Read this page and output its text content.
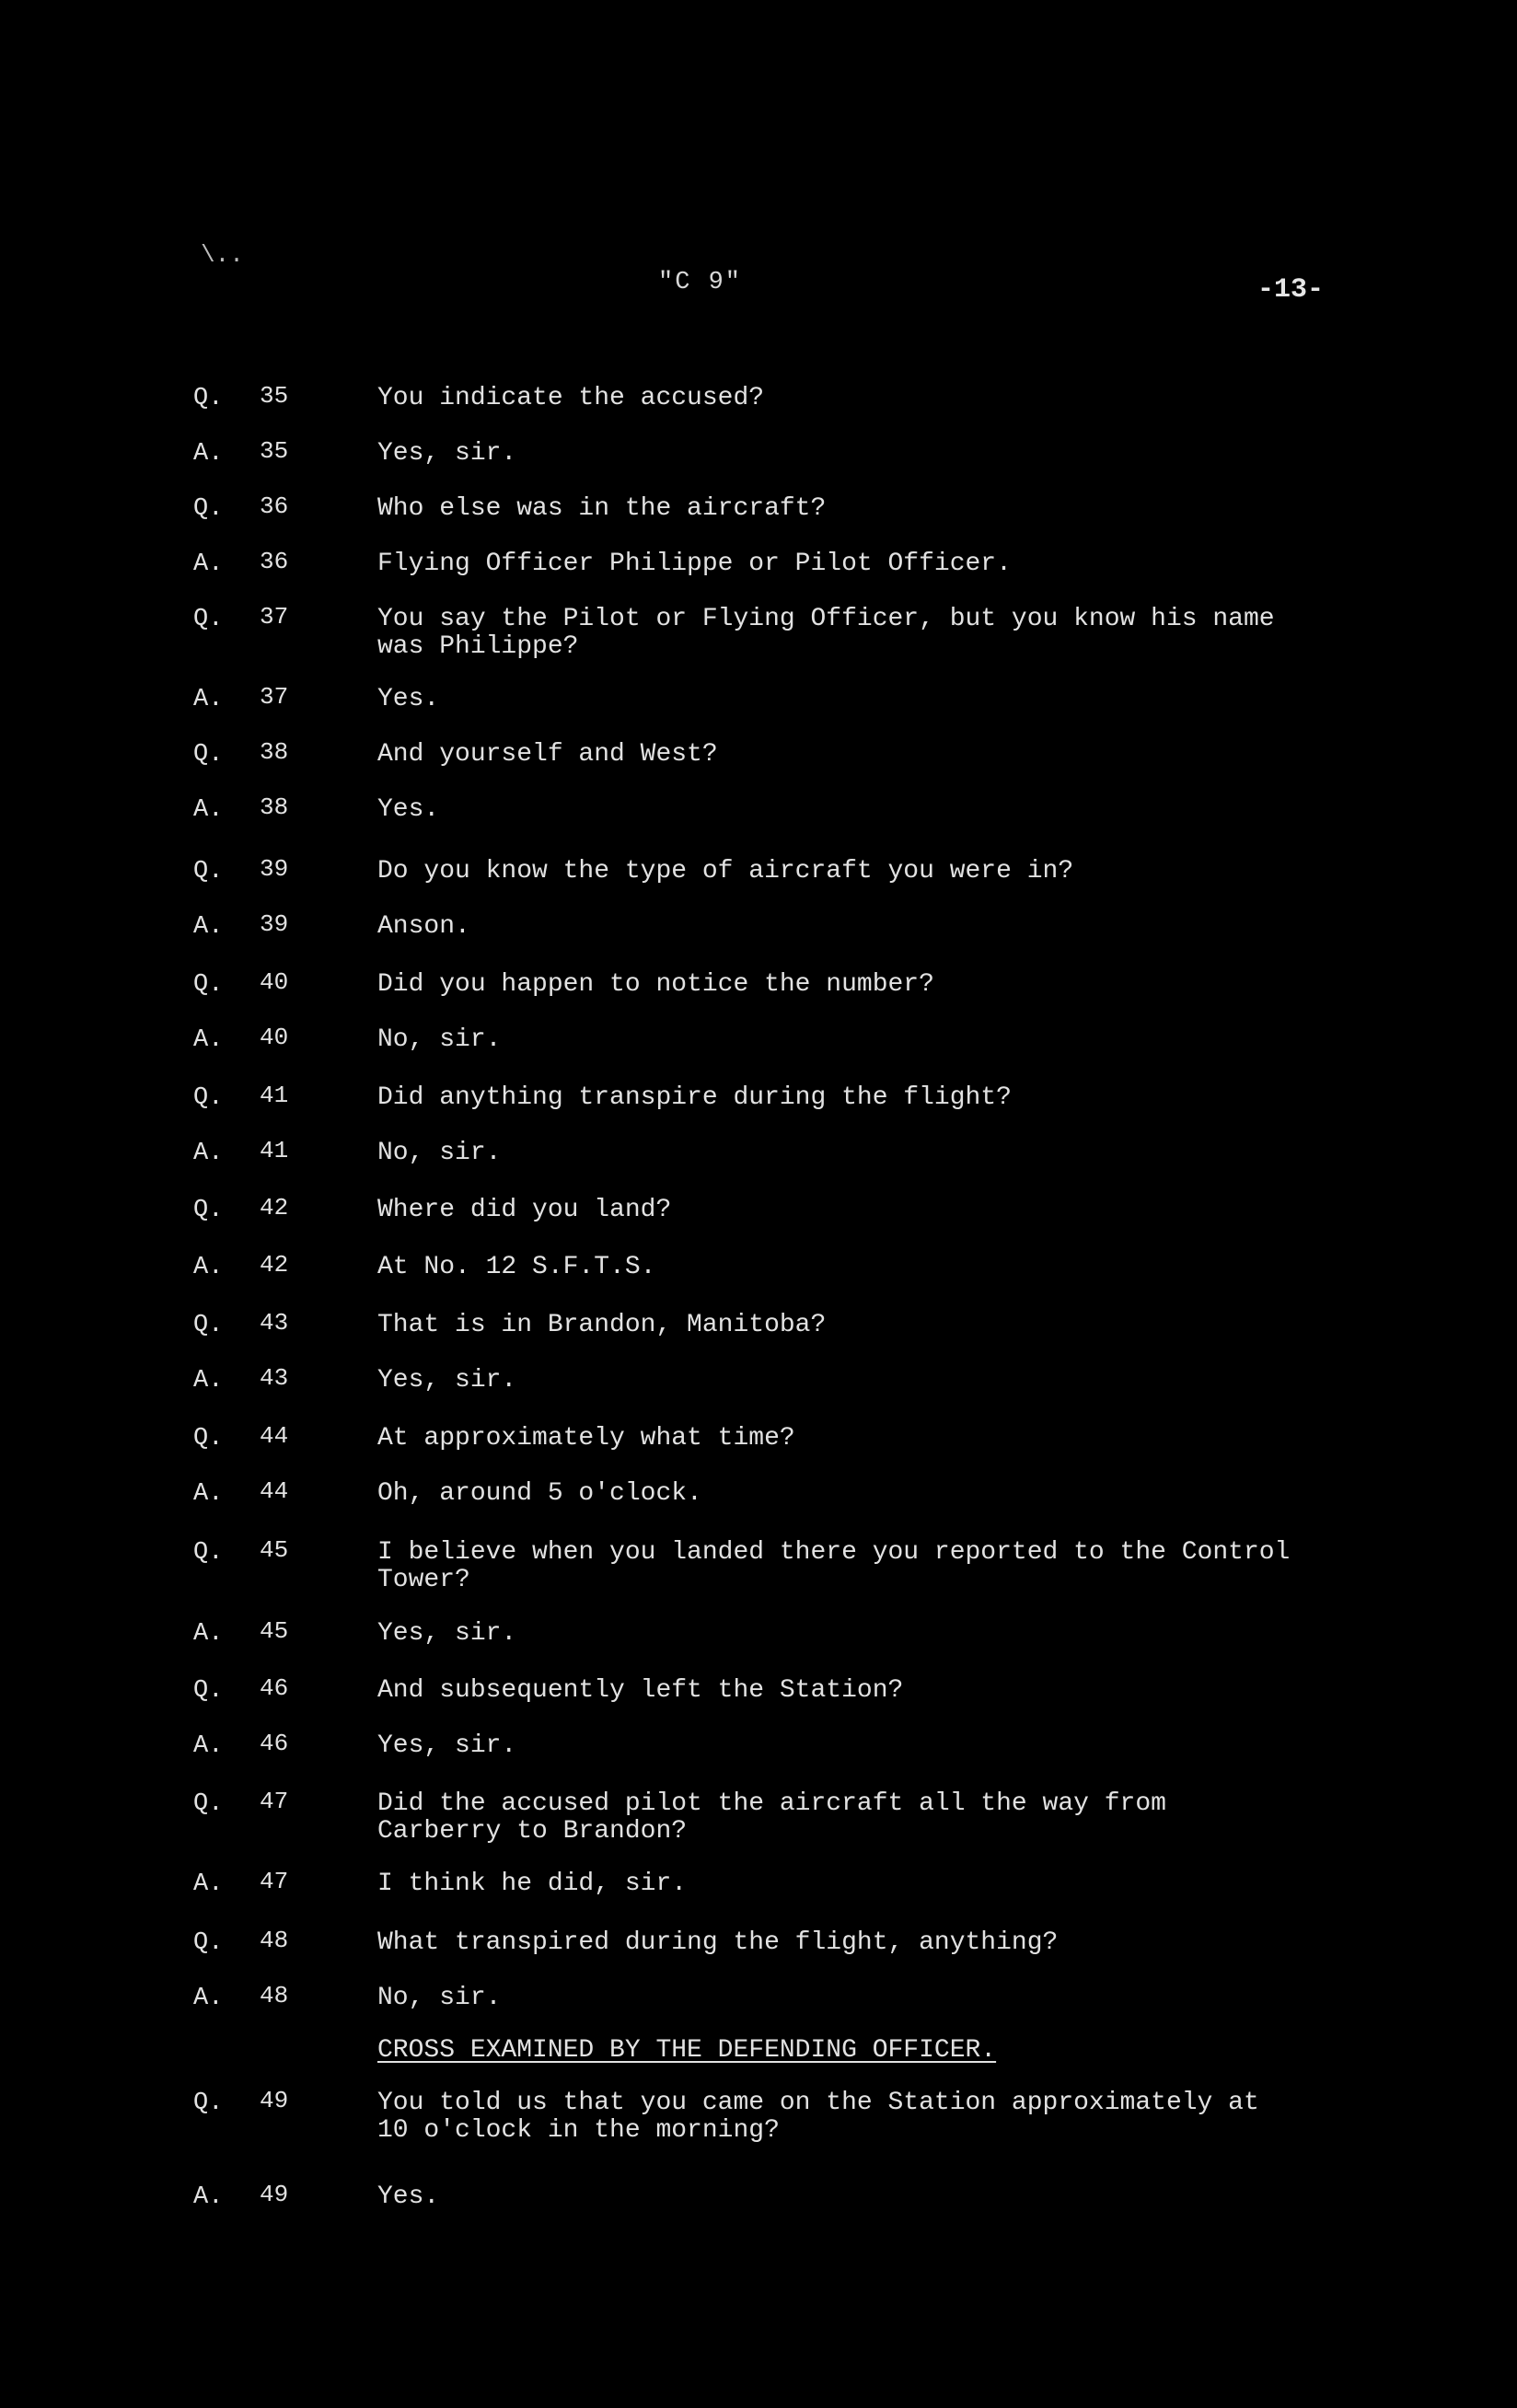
\..
"C 9"	-13-
Q. 35	You indicate the accused?
A. 35	Yes, sir.
Q. 36	Who else was in the aircraft?
A. 36	Flying Officer Philippe or Pilot Officer.
Q. 37	You say the Pilot or Flying Officer, but you know his name
was Philippe?
A. 37	Yes.
Q. 38	And yourself and West?
A. 38	Yes.
Q. 39	Do you know the type of aircraft you were in?
A. 39	Anson.
Q. 40	Did you happen to notice the number?
A. 40	No, sir.
Q. 41	Did anything transpire during the flight?
A. 41	No, sir.
Q. 42	Where did you land?
A. 42	At No. 12 S.F.T.S.
Q. 43	That is in Brandon, Manitoba?
A. 43	Yes, sir.
Q. 44	At approximately what time?
A. 44	Oh, around 5 o'clock.
Q. 45	I believe when you landed there you reported to the Control
Tower?
A. 45	Yes, sir.
Q. 46	And subsequently left the Station?
A. 46	Yes, sir.
Q. 47	Did the accused pilot the aircraft all the way from
Carberry to Brandon?
A. 47	I think he did, sir.
Q. 48	What transpired during the flight, anything?
A. 48	No, sir.
CROSS EXAMINED BY THE DEFENDING OFFICER.
Q. 49	You told us that you came on the Station approximately at
10 o'clock in the morning?
A. 49	Yes.
